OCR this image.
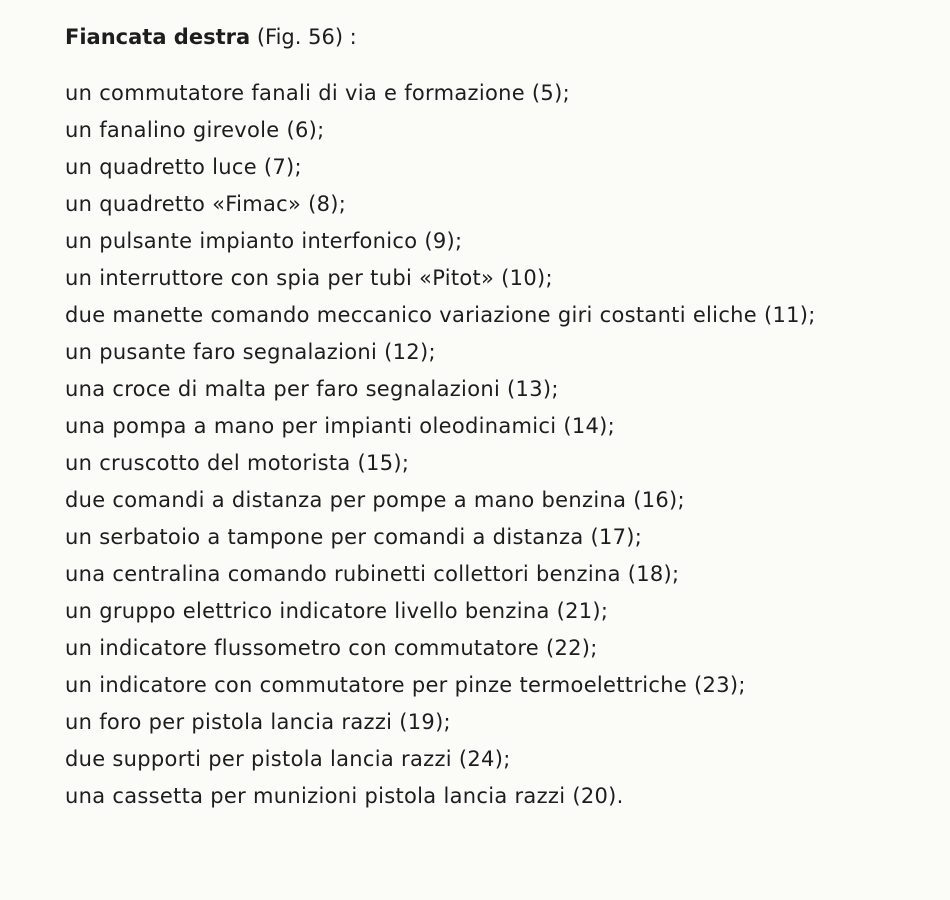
Fiancata destra (Fig. 56) :

un commutatore fanali di via e formazione (5);
un fanalino girevole (6);
un quadretto luce (7);
un quadretto «Fimac» (8);
un pulsante impianto interfonico (9);
un interruttore con spia per tubi «Pitot» (10);
due manette comando meccanico variazione giri costanti eliche (11);
un pusante faro segnalazioni (12);
una croce di malta per faro segnalazioni (13);
una pompa a mano per impianti oleodinamici (14);
un cruscotto del motorista (15);
due comandi a distanza per pompe a mano benzina (16);
un serbatoio a tampone per comandi a distanza (17);
una centralina comando rubinetti collettori benzina (18);
un gruppo elettrico indicatore livello benzina (21);
un indicatore flussometro con commutatore (22);
un indicatore con commutatore per pinze termoelettriche (23);
un foro per pistola lancia razzi (19);
due supporti per pistola lancia razzi (24);
una cassetta per munizioni pistola lancia razzi (20).
